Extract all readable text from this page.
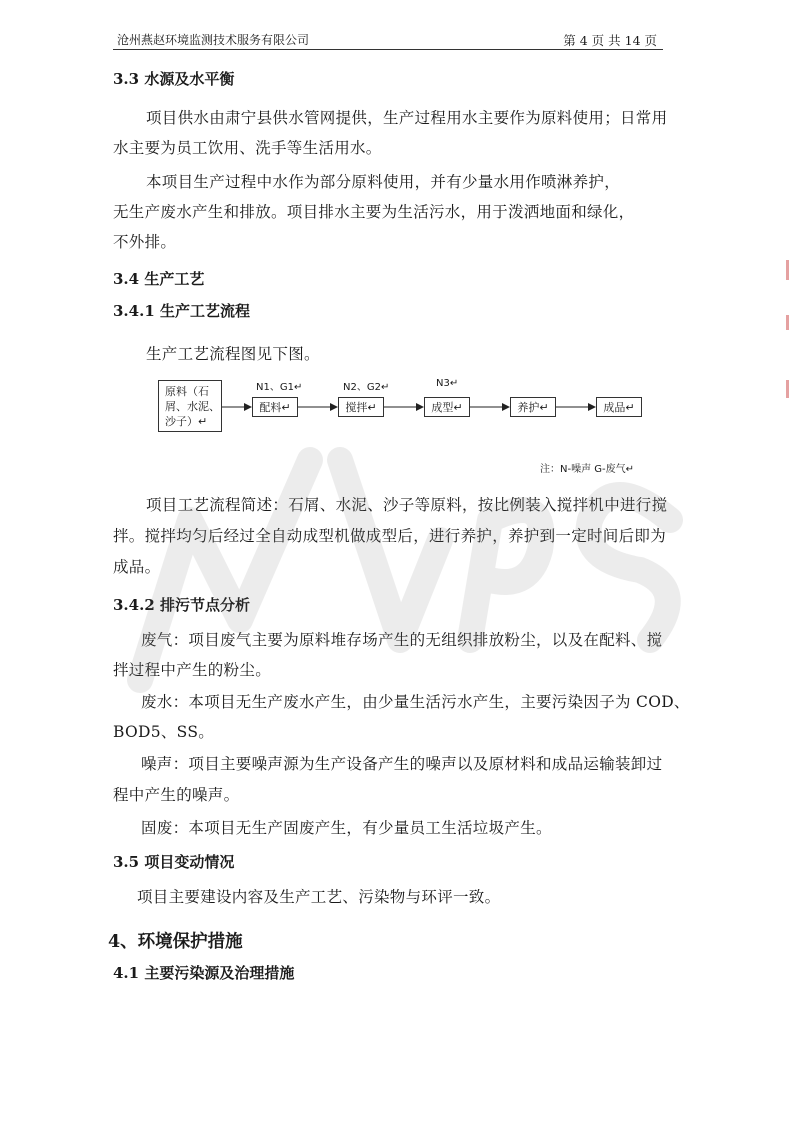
沧州燕赵环境监测技术服务有限公司	第 4 页 共 14 页
3.3 水源及水平衡
项目供水由肃宁县供水管网提供，生产过程用水主要作为原料使用；日常用
水主要为员工饮用、洗手等生活用水。
本项目生产过程中水作为部分原料使用，并有少量水用作喷淋养护，
无生产废水产生和排放。项目排水主要为生活污水，用于泼洒地面和绿化，
不外排。
3.4 生产工艺
3.4.1 生产工艺流程
生产工艺流程图见下图。
原料（石
屑、水泥、
沙子）↵
N1、G1↵	N2、G2↵	N3↵
配料↵	搅拌↵	成型↵	养护↵	成品↵
注：N-噪声 G-废气↵
项目工艺流程简述：石屑、水泥、沙子等原料，按比例装入搅拌机中进行搅
拌。搅拌均匀后经过全自动成型机做成型后，进行养护，养护到一定时间后即为
成品。
3.4.2 排污节点分析
废气：项目废气主要为原料堆存场产生的无组织排放粉尘，以及在配料、搅
拌过程中产生的粉尘。
废水：本项目无生产废水产生，由少量生活污水产生，主要污染因子为 COD、
BOD5、SS。
噪声：项目主要噪声源为生产设备产生的噪声以及原材料和成品运输装卸过
程中产生的噪声。
固废：本项目无生产固废产生，有少量员工生活垃圾产生。
3.5 项目变动情况
项目主要建设内容及生产工艺、污染物与环评一致。
4、环境保护措施
4.1 主要污染源及治理措施
